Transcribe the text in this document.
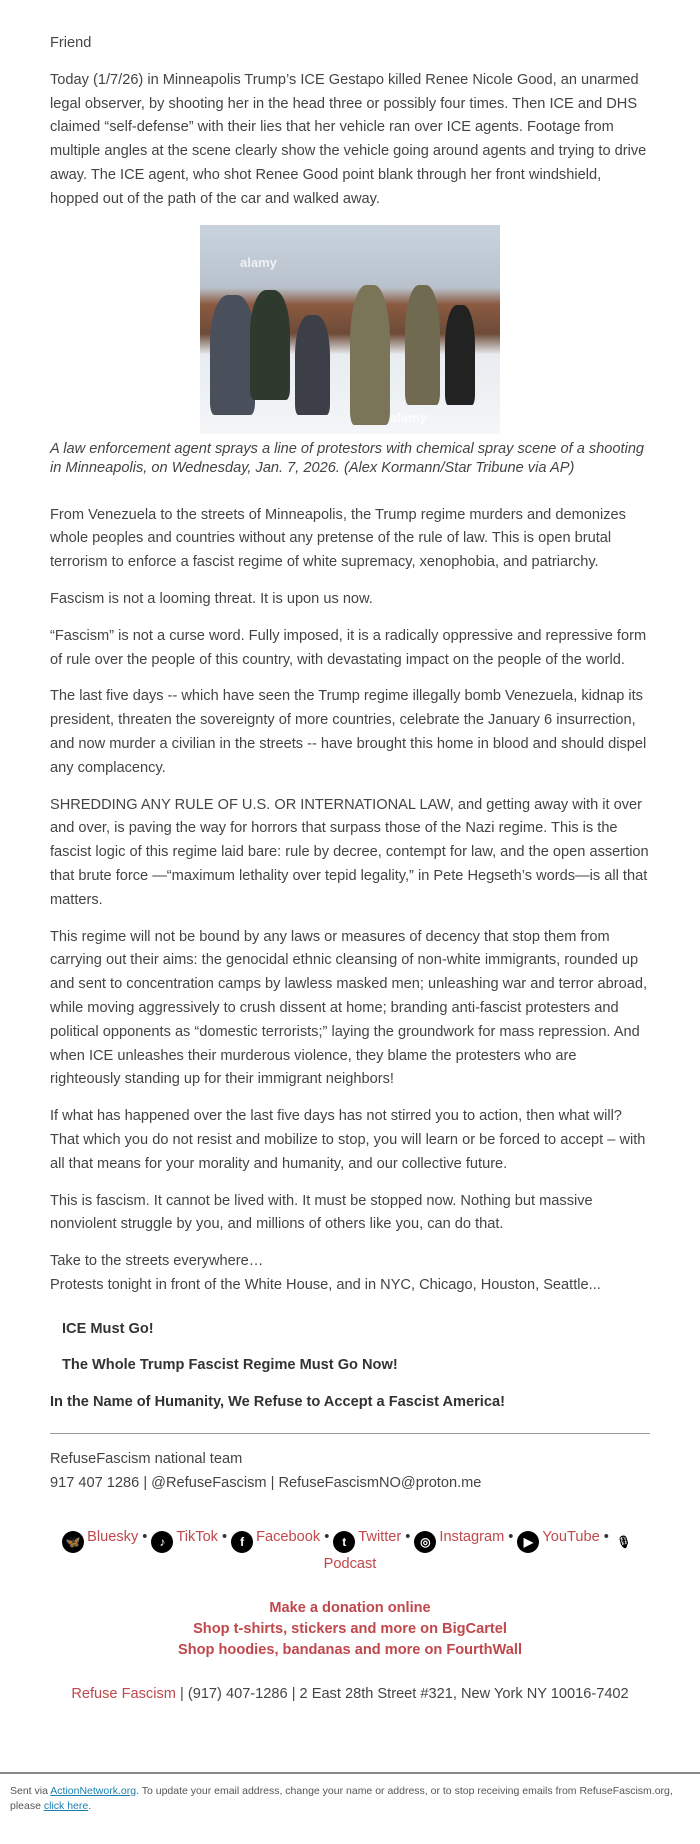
Friend

Today (1/7/26) in Minneapolis Trump’s ICE Gestapo killed Renee Nicole Good, an unarmed legal observer, by shooting her in the head three or possibly four times. Then ICE and DHS claimed “self-defense” with their lies that her vehicle ran over ICE agents. Footage from multiple angles at the scene clearly show the vehicle going around agents and trying to drive away. The ICE agent, who shot Renee Good point blank through her front windshield, hopped out of the path of the car and walked away.

alamy
alamy

A law enforcement agent sprays a line of protestors with chemical spray scene of a shooting in Minneapolis, on Wednesday, Jan. 7, 2026. (Alex Kormann/Star Tribune via AP)

From Venezuela to the streets of Minneapolis, the Trump regime murders and demonizes whole peoples and countries without any pretense of the rule of law. This is open brutal terrorism to enforce a fascist regime of white supremacy, xenophobia, and patriarchy.

Fascism is not a looming threat. It is upon us now.

“Fascism” is not a curse word. Fully imposed, it is a radically oppressive and repressive form of rule over the people of this country, with devastating impact on the people of the world.

The last five days -- which have seen the Trump regime illegally bomb Venezuela, kidnap its president, threaten the sovereignty of more countries, celebrate the January 6 insurrection, and now murder a civilian in the streets -- have brought this home in blood and should dispel any complacency.

SHREDDING ANY RULE OF U.S. OR INTERNATIONAL LAW, and getting away with it over and over, is paving the way for horrors that surpass those of the Nazi regime. This is the fascist logic of this regime laid bare: rule by decree, contempt for law, and the open assertion that brute force —“maximum lethality over tepid legality,” in Pete Hegseth’s words—is all that matters.

This regime will not be bound by any laws or measures of decency that stop them from carrying out their aims: the genocidal ethnic cleansing of non-white immigrants, rounded up and sent to concentration camps by lawless masked men; unleashing war and terror abroad, while moving aggressively to crush dissent at home; branding anti-fascist protesters and political opponents as “domestic terrorists;” laying the groundwork for mass repression. And when ICE unleashes their murderous violence, they blame the protesters who are righteously standing up for their immigrant neighbors!

If what has happened over the last five days has not stirred you to action, then what will? That which you do not resist and mobilize to stop, you will learn or be forced to accept – with all that means for your morality and humanity, and our collective future.

This is fascism. It cannot be lived with. It must be stopped now. Nothing but massive nonviolent struggle by you, and millions of others like you, can do that.

Take to the streets everywhere…
Protests tonight in front of the White House, and in NYC, Chicago, Houston, Seattle...

ICE Must Go!

The Whole Trump Fascist Regime Must Go Now!

In the Name of Humanity, We Refuse to Accept a Fascist America!

RefuseFascism national team
917 407 1286 | @RefuseFascism | RefuseFascismNO@proton.me

🦋 Bluesky • ♪ TikTok • f Facebook • t Twitter • ◎ Instagram • ▶ YouTube • 🎙
Podcast
Make a donation online
Shop t-shirts, stickers and more on BigCartel
Shop hoodies, bandanas and more on FourthWall
Refuse Fascism | (917) 407-1286 | 2 East 28th Street #321, New York NY 10016-7402
Sent via ActionNetwork.org. To update your email address, change your name or address, or to stop receiving emails from RefuseFascism.org, please click here.
